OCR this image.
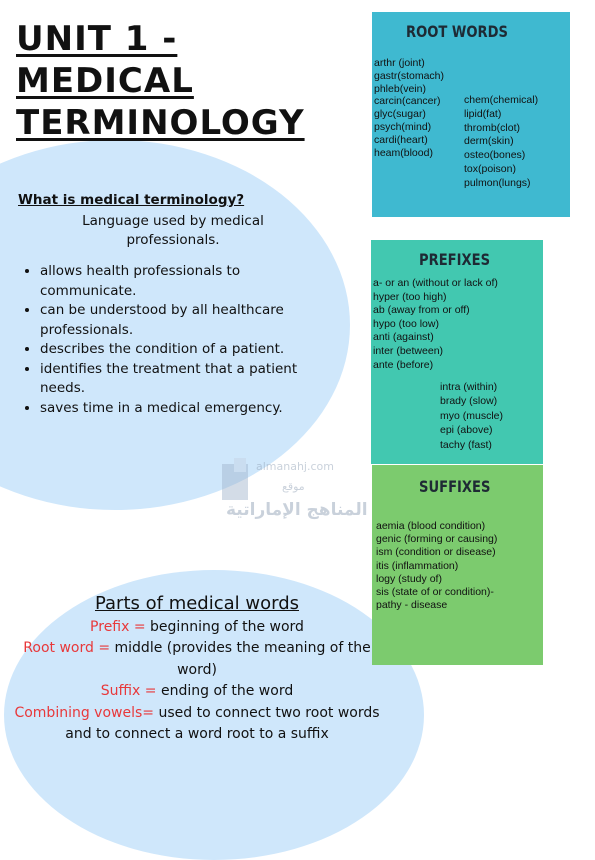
UNIT 1 - MEDICAL
TERMINOLOGY
What is medical terminology?
Language used by medical professionals.
• allows health professionals to communicate.
• can be understood by all healthcare professionals.
• describes the condition of a patient.
• identifies the treatment that a patient needs.
• saves time in a medical emergency.
almanahj.com
موقع
المناهج الإماراتية
Parts of medical words
Prefix = beginning of the word
Root word = middle (provides the meaning of the word)
Suffix = ending of the word
Combining vowels= used to connect two root words and to connect a word root to a suffix
ROOT WORDS
arthr (joint)
gastr(stomach)
phleb(vein)
carcin(cancer)
glyc(sugar)
psych(mind)
cardi(heart)
heam(blood)
chem(chemical)
lipid(fat)
thromb(clot)
derm(skin)
osteo(bones)
tox(poison)
pulmon(lungs)
PREFIXES
a- or an (without or lack of)
hyper (too high)
ab (away from or off)
hypo (too low)
anti (against)
inter (between)
ante (before)
intra (within)
brady (slow)
myo (muscle)
epi (above)
tachy (fast)
SUFFIXES
aemia (blood condition)
genic (forming or causing)
ism (condition or disease)
itis (inflammation)
logy (study of)
sis (state of or condition)-
pathy - disease
